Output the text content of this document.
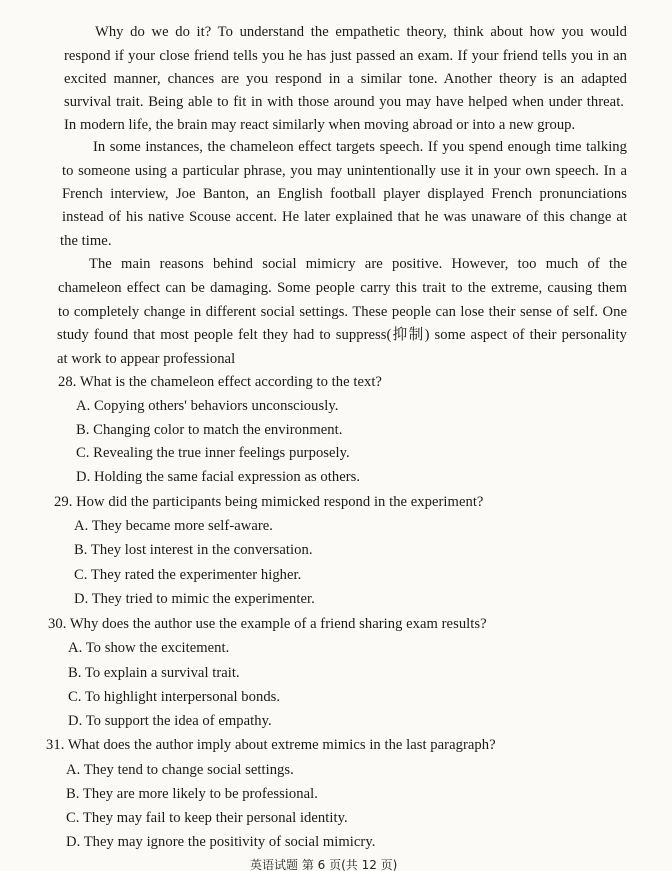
Why do we do it? To understand the empathetic theory, think about how you would
respond if your close friend tells you he has just passed an exam. If your friend tells you in an
excited manner, chances are you respond in a similar tone. Another theory is an adapted
survival trait. Being able to fit in with those around you may have helped when under threat.
In modern life, the brain may react similarly when moving abroad or into a new group.
In some instances, the chameleon effect targets speech. If you spend enough time talking
to someone using a particular phrase, you may unintentionally use it in your own speech. In a
French interview, Joe Banton, an English football player displayed French pronunciations
instead of his native Scouse accent. He later explained that he was unaware of this change at
the time.
The main reasons behind social mimicry are positive. However, too much of the
chameleon effect can be damaging. Some people carry this trait to the extreme, causing them
to completely change in different social settings. These people can lose their sense of self. One
study found that most people felt they had to suppress(抑制) some aspect of their personality
at work to appear professional
28. What is the chameleon effect according to the text?
A. Copying others' behaviors unconsciously.
B. Changing color to match the environment.
C. Revealing the true inner feelings purposely.
D. Holding the same facial expression as others.
29. How did the participants being mimicked respond in the experiment?
A. They became more self-aware.
B. They lost interest in the conversation.
C. They rated the experimenter higher.
D. They tried to mimic the experimenter.
30. Why does the author use the example of a friend sharing exam results?
A. To show the excitement.
B. To explain a survival trait.
C. To highlight interpersonal bonds.
D. To support the idea of empathy.
31. What does the author imply about extreme mimics in the last paragraph?
A. They tend to change social settings.
B. They are more likely to be professional.
C. They may fail to keep their personal identity.
D. They may ignore the positivity of social mimicry.
英语试题 第 6 页(共 12 页)
